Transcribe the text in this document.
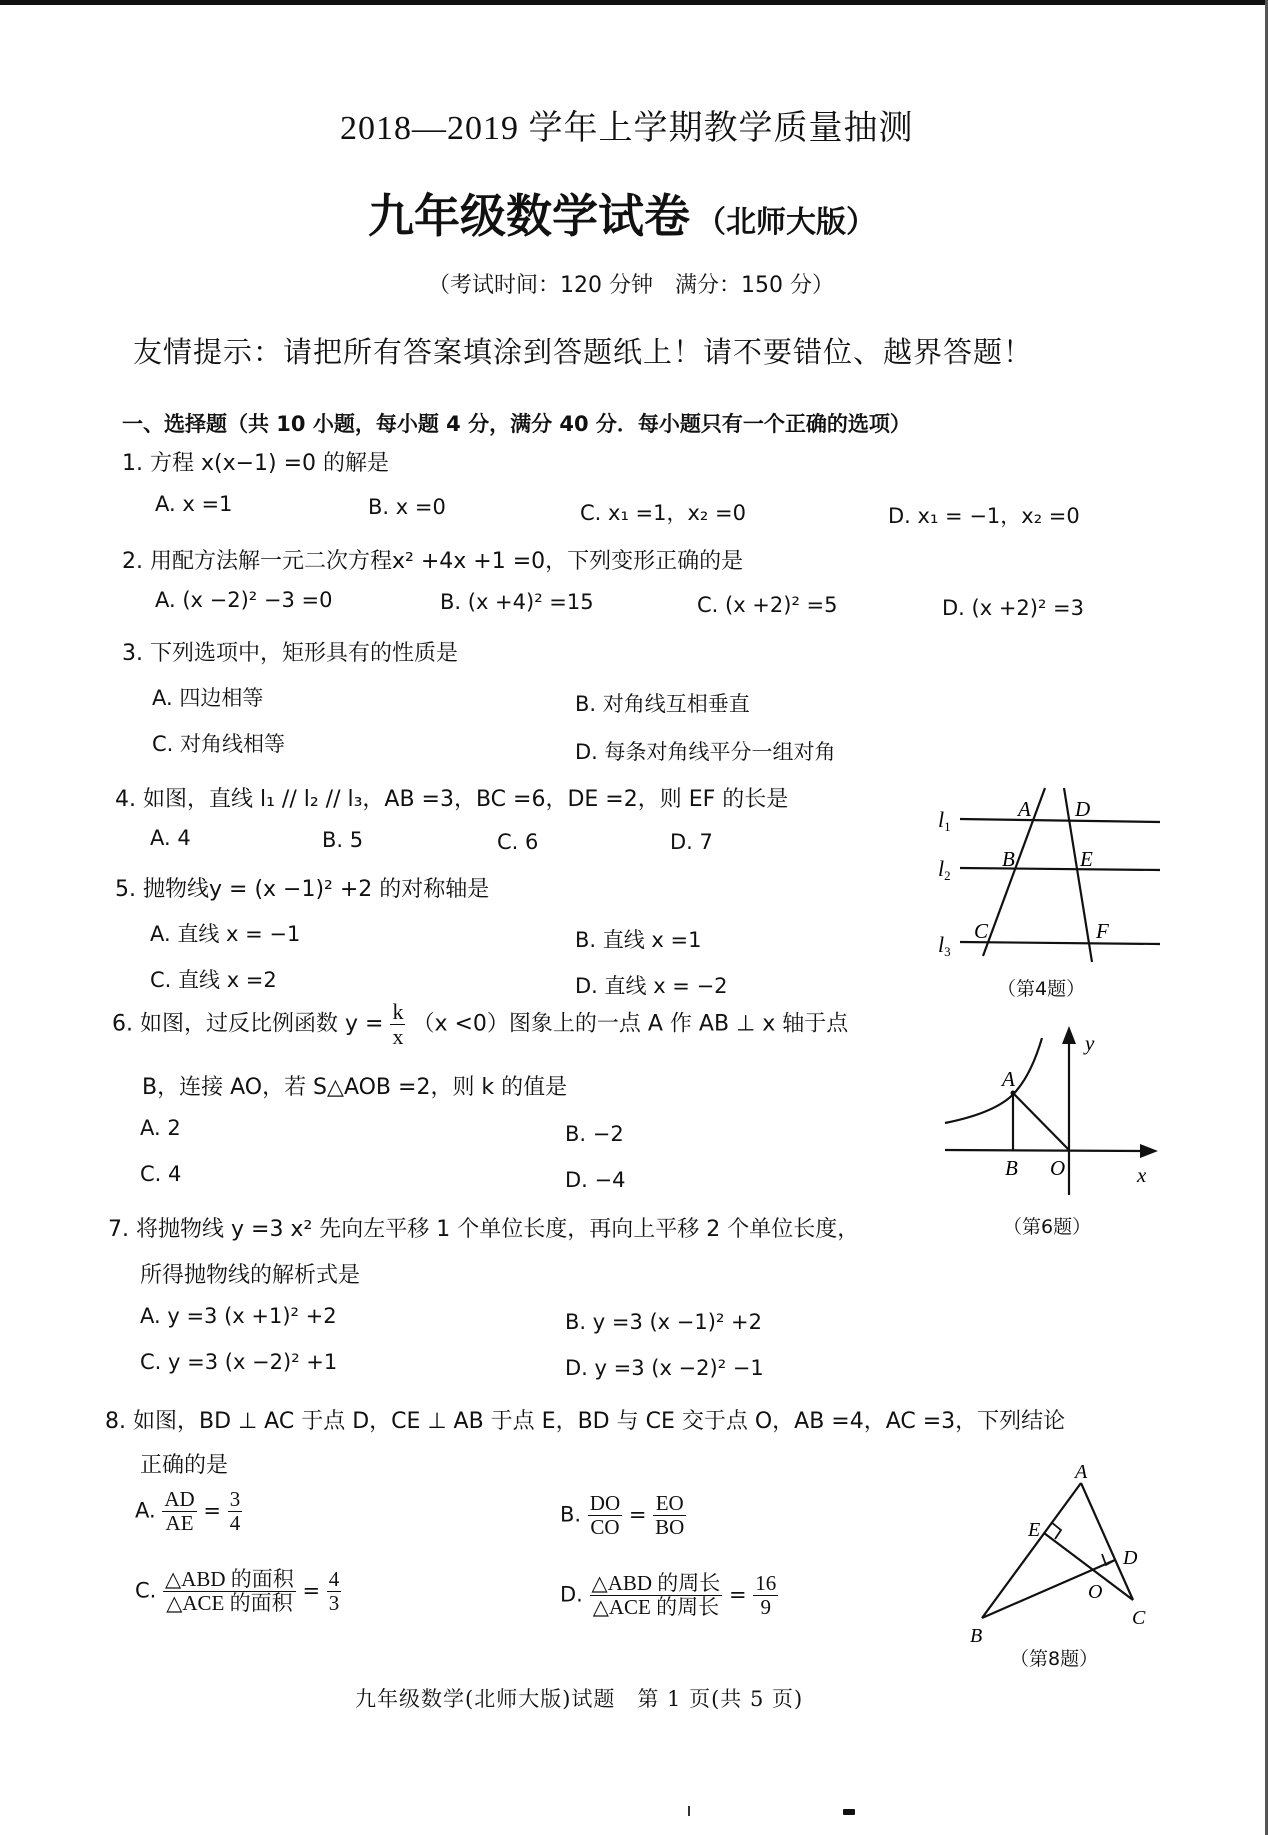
2018—2019 学年上学期教学质量抽测
九年级数学试卷 （北师大版）
（考试时间：120 分钟　满分：150 分）
友情提示：请把所有答案填涂到答题纸上！请不要错位、越界答题！
一、选择题（共 10 小题，每小题 4 分，满分 40 分．每小题只有一个正确的选项）
1. 方程 x(x−1) =0 的解是
A. x =1	B. x =0	C. x₁ =1，x₂ =0	D. x₁ = −1，x₂ =0
2. 用配方法解一元二次方程x² +4x +1 =0，下列变形正确的是
A. (x −2)² −3 =0	B. (x +4)² =15	C. (x +2)² =5	D. (x +2)² =3
3. 下列选项中，矩形具有的性质是
A. 四边相等	B. 对角线互相垂直
C. 对角线相等	D. 每条对角线平分一组对角
4. 如图，直线 l₁ // l₂ // l₃，AB =3，BC =6，DE =2，则 EF 的长是
A. 4	B. 5	C. 6	D. 7
l1
l2
l3
A D
B	E
C	F
（第4题）
5. 抛物线y = (x −1)² +2 的对称轴是
A. 直线 x = −1	B. 直线 x =1
C. 直线 x =2	D. 直线 x = −2
6. 如图，过反比例函数 $y = \frac{k}{x} (x <0)$图象上的一点 A 作 AB ⊥ x 轴于点
B，连接 AO，若 S△AOB =2，则 k 的值是
A. 2	B. −2
C. 4	D. −4
A
B O	x
y
（第6题）
7. 将抛物线 y =3 x² 先向左平移 1 个单位长度，再向上平移 2 个单位长度，
所得抛物线的解析式是
A. y =3 (x +1)² +2	B. y =3 (x −1)² +2
C. y =3 (x −2)² +1	D. y =3 (x −2)² −1
8. 如图，BD ⊥ AC 于点 D，CE ⊥ AB 于点 E，BD 与 CE 交于点 O，AB =4，AC =3，下列结论
正确的是
A. $\frac{AD}{AE} = \frac{3}{4}$	B. $\frac{DO}{CO} = \frac{EO}{BO}$
C. $\frac{\text{△ABD 的面积}}{\text{△ACE 的面积}} = \frac{4}{3}$	D. $\frac{\text{△ABD 的周长}}{\text{△ACE 的周长}} = \frac{16}{9}$
A
E
D
O
C
B
（第8题）
九年级数学(北师大版)试题　第 1 页(共 5 页)
